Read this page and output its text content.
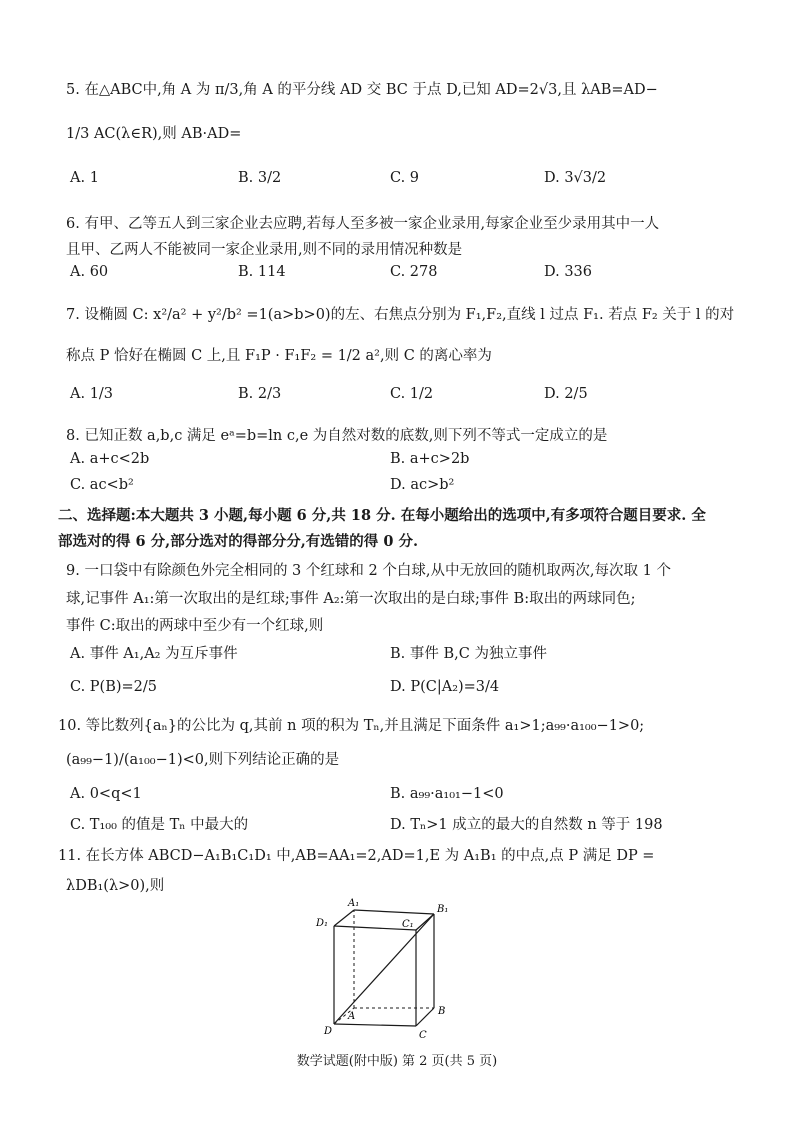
5. 在△ABC中,角 A 为 π/3,角 A 的平分线 AD 交 BC 于点 D,已知 AD=2√3,且 λAB=AD−
1/3 AC(λ∈R),则 AB·AD=
A. 1	B. 3/2	C. 9	D. 3√3/2
6. 有甲、乙等五人到三家企业去应聘,若每人至多被一家企业录用,每家企业至少录用其中一人
且甲、乙两人不能被同一家企业录用,则不同的录用情况种数是
A. 60	B. 114	C. 278	D. 336
7. 设椭圆 C: x²/a² + y²/b² =1(a>b>0)的左、右焦点分别为 F₁,F₂,直线 l 过点 F₁. 若点 F₂ 关于 l 的对
称点 P 恰好在椭圆 C 上,且 F₁P · F₁F₂ = 1/2 a²,则 C 的离心率为
A. 1/3	B. 2/3	C. 1/2	D. 2/5
8. 已知正数 a,b,c 满足 eᵃ=b=ln c,e 为自然对数的底数,则下列不等式一定成立的是
A. a+c<2b	B. a+c>2b
C. ac<b²	D. ac>b²
二、选择题:本大题共 3 小题,每小题 6 分,共 18 分. 在每小题给出的选项中,有多项符合题目要求. 全
部选对的得 6 分,部分选对的得部分分,有选错的得 0 分.
9. 一口袋中有除颜色外完全相同的 3 个红球和 2 个白球,从中无放回的随机取两次,每次取 1 个
球,记事件 A₁:第一次取出的是红球;事件 A₂:第一次取出的是白球;事件 B:取出的两球同色;
事件 C:取出的两球中至少有一个红球,则
A. 事件 A₁,A₂ 为互斥事件	B. 事件 B,C 为独立事件
C. P(B)=2/5	D. P(C|A₂)=3/4
10. 等比数列{aₙ}的公比为 q,其前 n 项的积为 Tₙ,并且满足下面条件 a₁>1;a₉₉·a₁₀₀−1>0;
(a₉₉−1)/(a₁₀₀−1)<0,则下列结论正确的是
A. 0<q<1	B. a₉₉·a₁₀₁−1<0
C. T₁₀₀ 的值是 Tₙ 中最大的	D. Tₙ>1 成立的最大的自然数 n 等于 198
11. 在长方体 ABCD−A₁B₁C₁D₁ 中,AB=AA₁=2,AD=1,E 为 A₁B₁ 的中点,点 P 满足 DP =
λDB₁(λ>0),则
A₁
B₁
C₁
D₁
A	B
C
D
数学试题(附中版) 第 2 页(共 5 页)
